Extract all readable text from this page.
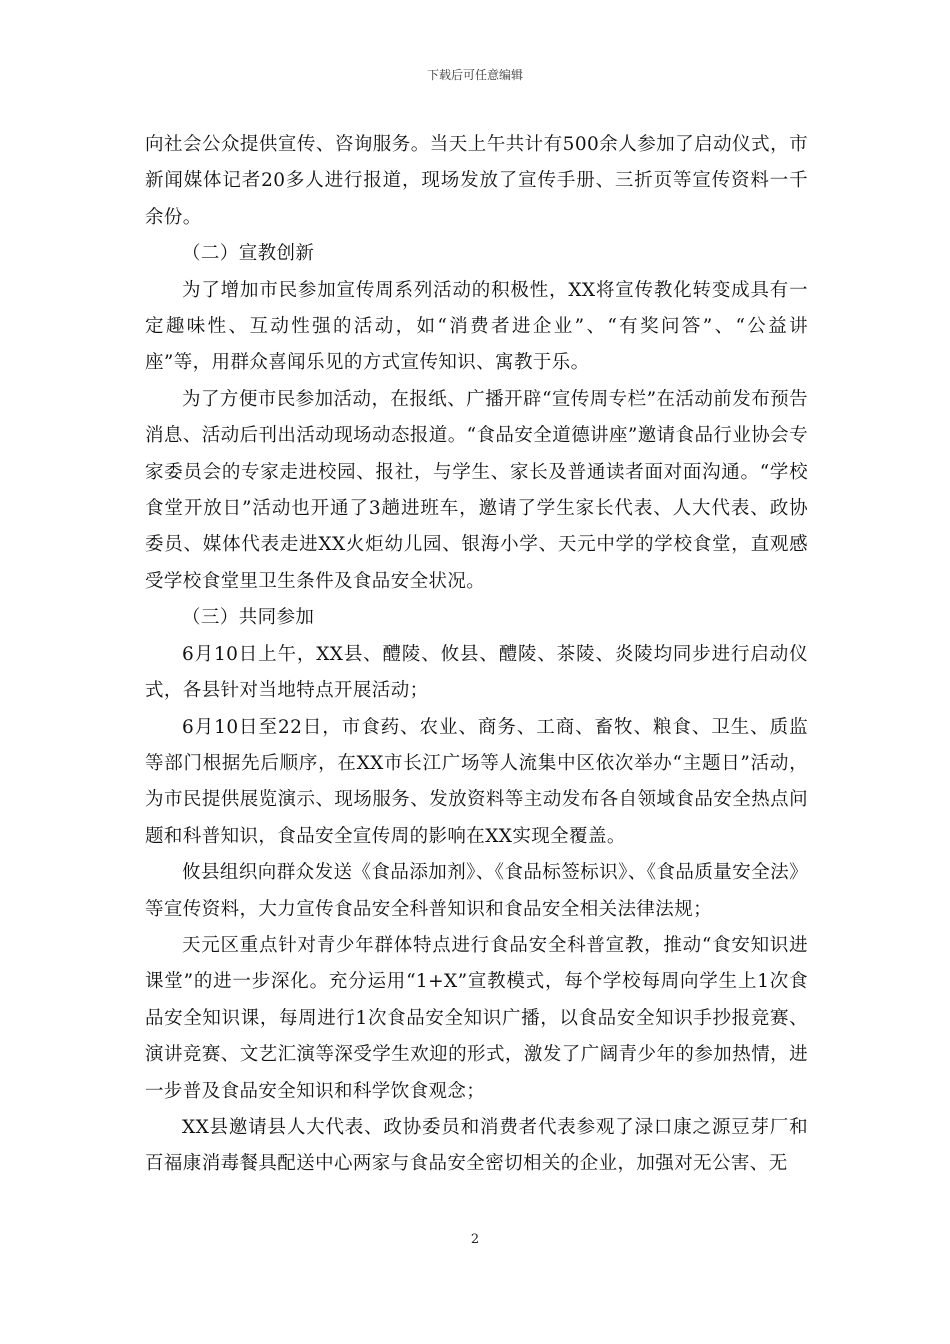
下载后可任意编辑

向社会公众提供宣传、咨询服务。当天上午共计有500余人参加了启动仪式，市新闻媒体记者20多人进行报道，现场发放了宣传手册、三折页等宣传资料一千余份。

（二）宣教创新

为了增加市民参加宣传周系列活动的积极性，XX将宣传教化转变成具有一定趣味性、互动性强的活动，如“消费者进企业”、“有奖问答”、“公益讲座”等，用群众喜闻乐见的方式宣传知识、寓教于乐。

为了方便市民参加活动，在报纸、广播开辟“宣传周专栏”在活动前发布预告消息、活动后刊出活动现场动态报道。“食品安全道德讲座”邀请食品行业协会专家委员会的专家走进校园、报社，与学生、家长及普通读者面对面沟通。“学校食堂开放日”活动也开通了3趟进班车，邀请了学生家长代表、人大代表、政协委员、媒体代表走进XX火炬幼儿园、银海小学、天元中学的学校食堂，直观感受学校食堂里卫生条件及食品安全状况。

（三）共同参加

6月10日上午，XX县、醴陵、攸县、醴陵、茶陵、炎陵均同步进行启动仪式，各县针对当地特点开展活动；

6月10日至22日，市食药、农业、商务、工商、畜牧、粮食、卫生、质监等部门根据先后顺序，在XX市长江广场等人流集中区依次举办“主题日”活动，为市民提供展览演示、现场服务、发放资料等主动发布各自领域食品安全热点问题和科普知识，食品安全宣传周的影响在XX实现全覆盖。

攸县组织向群众发送《食品添加剂》、《食品标签标识》、《食品质量安全法》等宣传资料，大力宣传食品安全科普知识和食品安全相关法律法规；

天元区重点针对青少年群体特点进行食品安全科普宣教，推动“食安知识进课堂”的进一步深化。充分运用“1+X”宣教模式，每个学校每周向学生上1次食品安全知识课，每周进行1次食品安全知识广播，以食品安全知识手抄报竞赛、演讲竞赛、文艺汇演等深受学生欢迎的形式，激发了广阔青少年的参加热情，进一步普及食品安全知识和科学饮食观念；

XX县邀请县人大代表、政协委员和消费者代表参观了渌口康之源豆芽厂和百福康消毒餐具配送中心两家与食品安全密切相关的企业，加强对无公害、无

2
